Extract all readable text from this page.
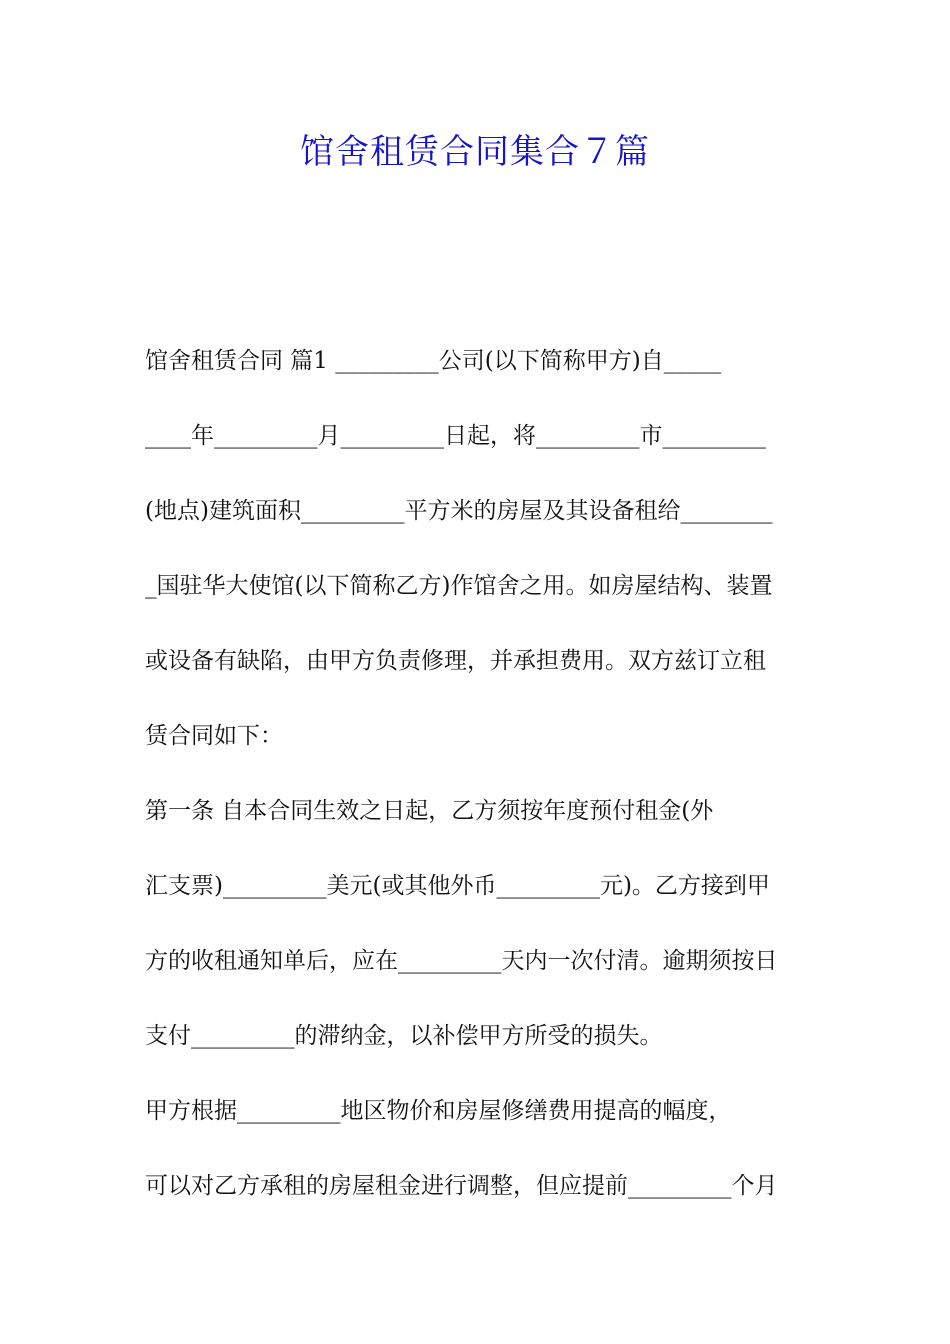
馆舍租赁合同集合７篇
馆舍租赁合同 篇1 _________公司(以下简称甲方)自_____
____年_________月_________日起，将_________市_________
(地点)建筑面积_________平方米的房屋及其设备租给________
_国驻华大使馆(以下简称乙方)作馆舍之用。如房屋结构、装置
或设备有缺陷，由甲方负责修理，并承担费用。双方兹订立租
赁合同如下：
第一条 自本合同生效之日起，乙方须按年度预付租金(外
汇支票)_________美元(或其他外币_________元)。乙方接到甲
方的收租通知单后，应在_________天内一次付清。逾期须按日
支付_________的滞纳金，以补偿甲方所受的损失。
甲方根据_________地区物价和房屋修缮费用提高的幅度，
可以对乙方承租的房屋租金进行调整，但应提前_________个月
